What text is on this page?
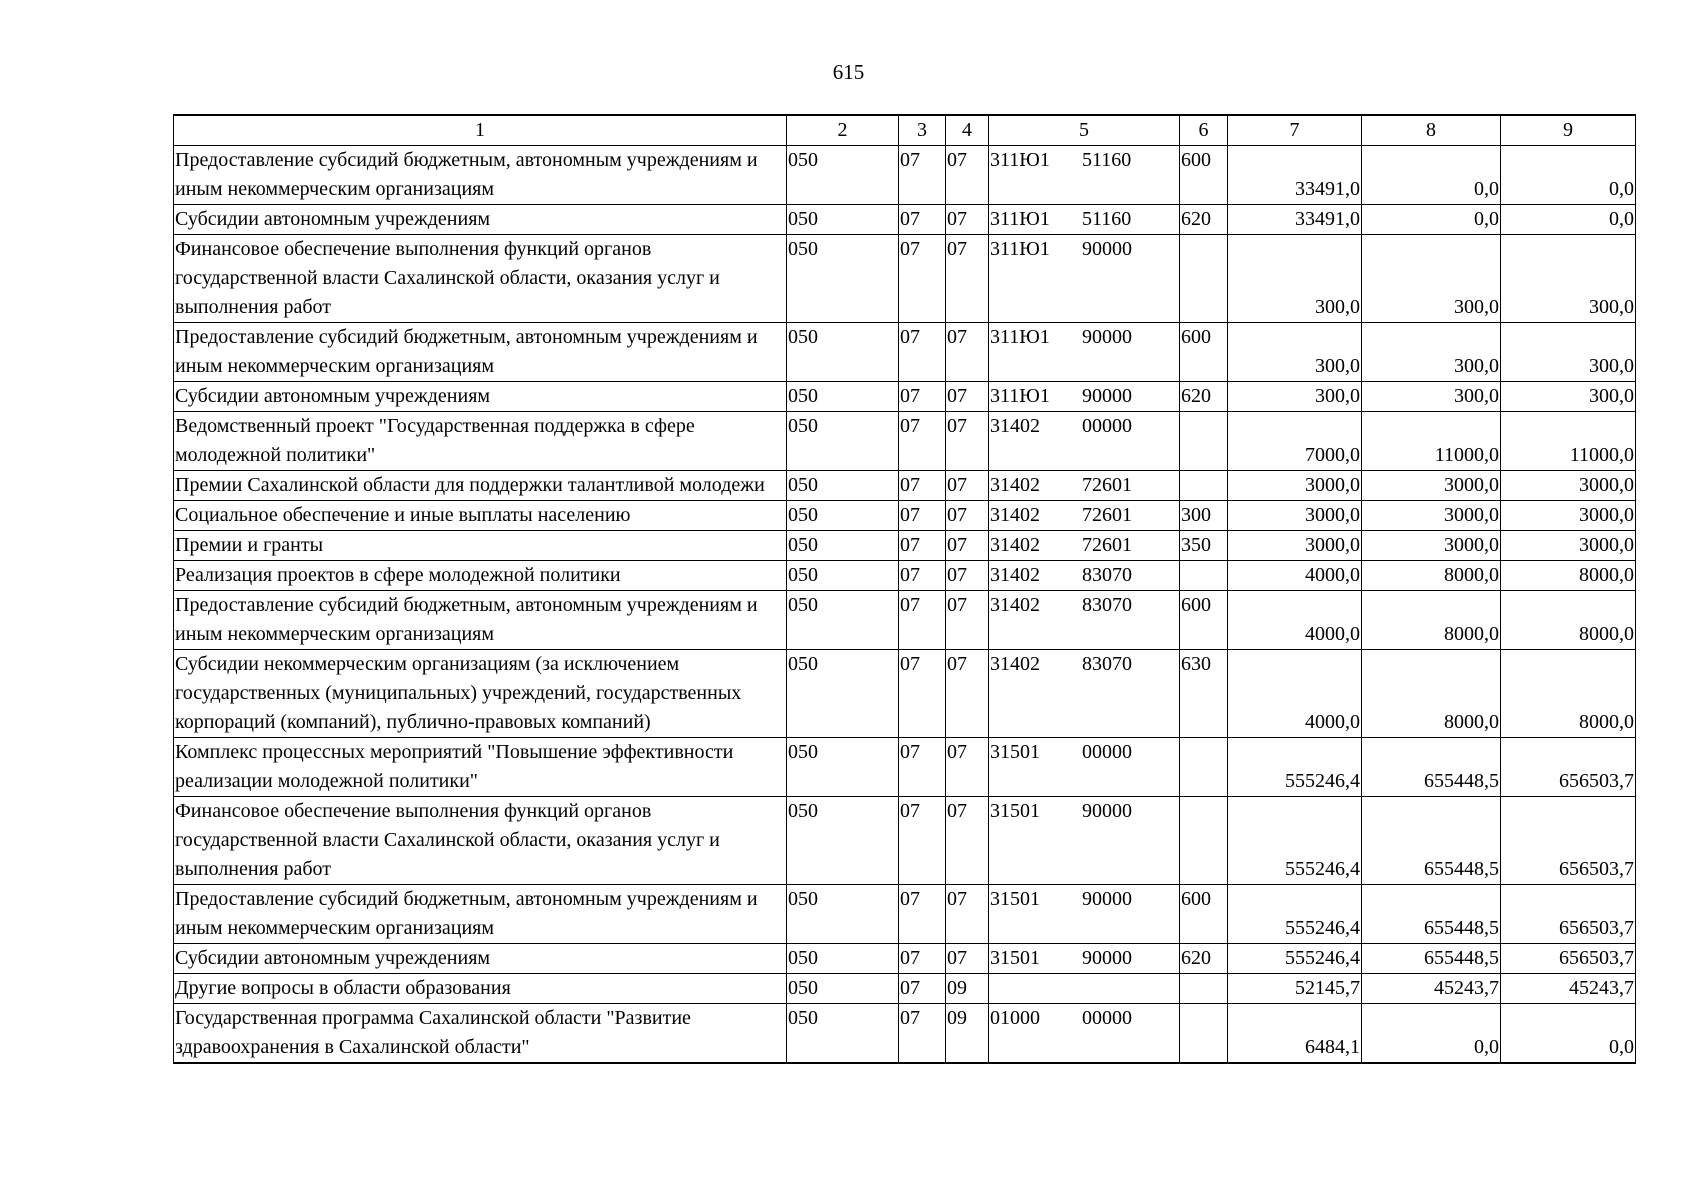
615
1	2	3	4	5	6	7	8	9
Предоставление субсидий бюджетным, автономным учреждениям и иным некоммерческим организациям	050	07	07	311Ю1 51160	600	33491,0	0,0	0,0
Субсидии автономным учреждениям	050	07	07	311Ю1 51160	620	33491,0	0,0	0,0
Финансовое обеспечение выполнения функций органов государственной власти Сахалинской области, оказания услуг и выполнения работ	050	07	07	311Ю1 90000		300,0	300,0	300,0
Предоставление субсидий бюджетным, автономным учреждениям и иным некоммерческим организациям	050	07	07	311Ю1 90000	600	300,0	300,0	300,0
Субсидии автономным учреждениям	050	07	07	311Ю1 90000	620	300,0	300,0	300,0
Ведомственный проект "Государственная поддержка в сфере молодежной политики"	050	07	07	31402 00000		7000,0	11000,0	11000,0
Премии Сахалинской области для поддержки талантливой молодежи	050	07	07	31402 72601		3000,0	3000,0	3000,0
Социальное обеспечение и иные выплаты населению	050	07	07	31402 72601	300	3000,0	3000,0	3000,0
Премии и гранты	050	07	07	31402 72601	350	3000,0	3000,0	3000,0
Реализация проектов в сфере молодежной политики	050	07	07	31402 83070		4000,0	8000,0	8000,0
Предоставление субсидий бюджетным, автономным учреждениям и иным некоммерческим организациям	050	07	07	31402 83070	600	4000,0	8000,0	8000,0
Субсидии некоммерческим организациям (за исключением государственных (муниципальных) учреждений, государственных корпораций (компаний), публично-правовых компаний)	050	07	07	31402 83070	630	4000,0	8000,0	8000,0
Комплекс процессных мероприятий "Повышение эффективности реализации молодежной политики"	050	07	07	31501 00000		555246,4	655448,5	656503,7
Финансовое обеспечение выполнения функций органов государственной власти Сахалинской области, оказания услуг и выполнения работ	050	07	07	31501 90000		555246,4	655448,5	656503,7
Предоставление субсидий бюджетным, автономным учреждениям и иным некоммерческим организациям	050	07	07	31501 90000	600	555246,4	655448,5	656503,7
Субсидии автономным учреждениям	050	07	07	31501 90000	620	555246,4	655448,5	656503,7
Другие вопросы в области образования	050	07	09			52145,7	45243,7	45243,7
Государственная программа Сахалинской области "Развитие здравоохранения в Сахалинской области"	050	07	09	01000 00000		6484,1	0,0	0,0
